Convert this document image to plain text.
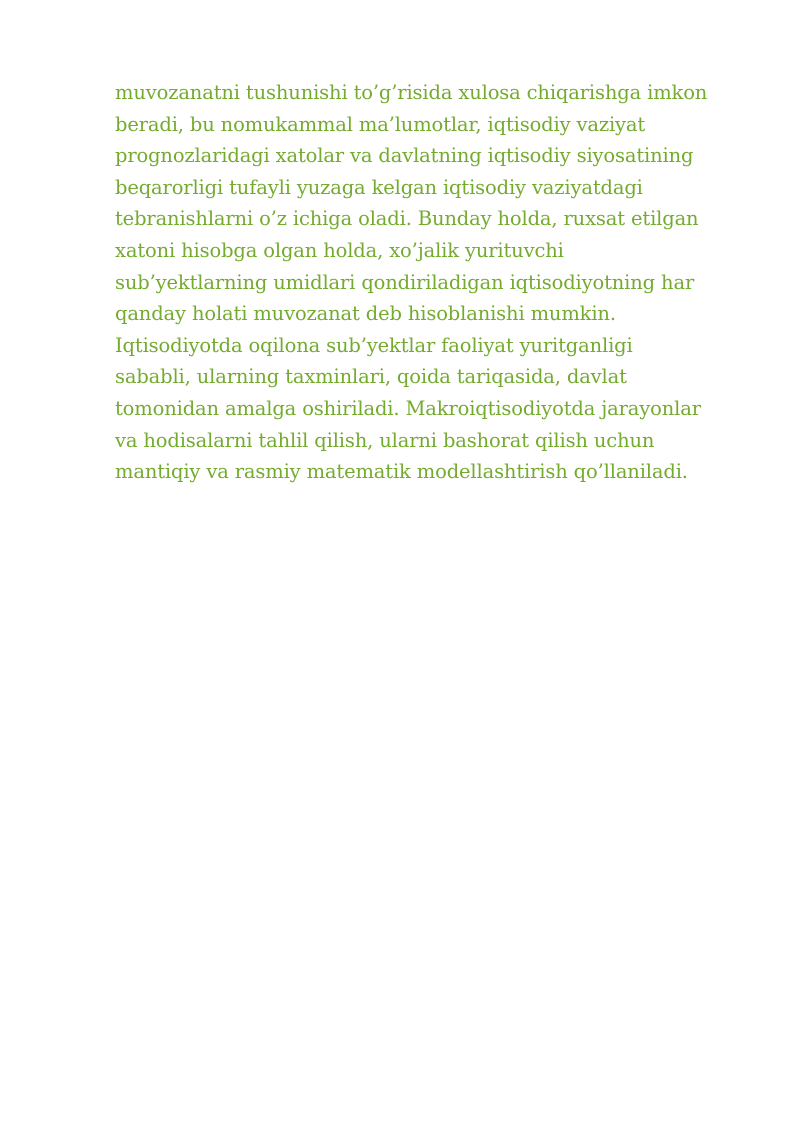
muvozanatni tushunishi to’g’risida xulosa chiqarishga imkon
beradi, bu nomukammal ma’lumotlar, iqtisodiy vaziyat
prognozlaridagi xatolar va davlatning iqtisodiy siyosatining
beqarorligi tufayli yuzaga kelgan iqtisodiy vaziyatdagi
tebranishlarni o’z ichiga oladi. Bunday holda, ruxsat etilgan
xatoni hisobga olgan holda, xo’jalik yurituvchi
sub’yektlarning umidlari qondiriladigan iqtisodiyotning har
qanday holati muvozanat deb hisoblanishi mumkin.
Iqtisodiyotda oqilona sub’yektlar faoliyat yuritganligi
sababli, ularning taxminlari, qoida tariqasida, davlat
tomonidan amalga oshiriladi. Makroiqtisodiyotda jarayonlar
va hodisalarni tahlil qilish, ularni bashorat qilish uchun
mantiqiy va rasmiy matematik modellashtirish qo’llaniladi.
